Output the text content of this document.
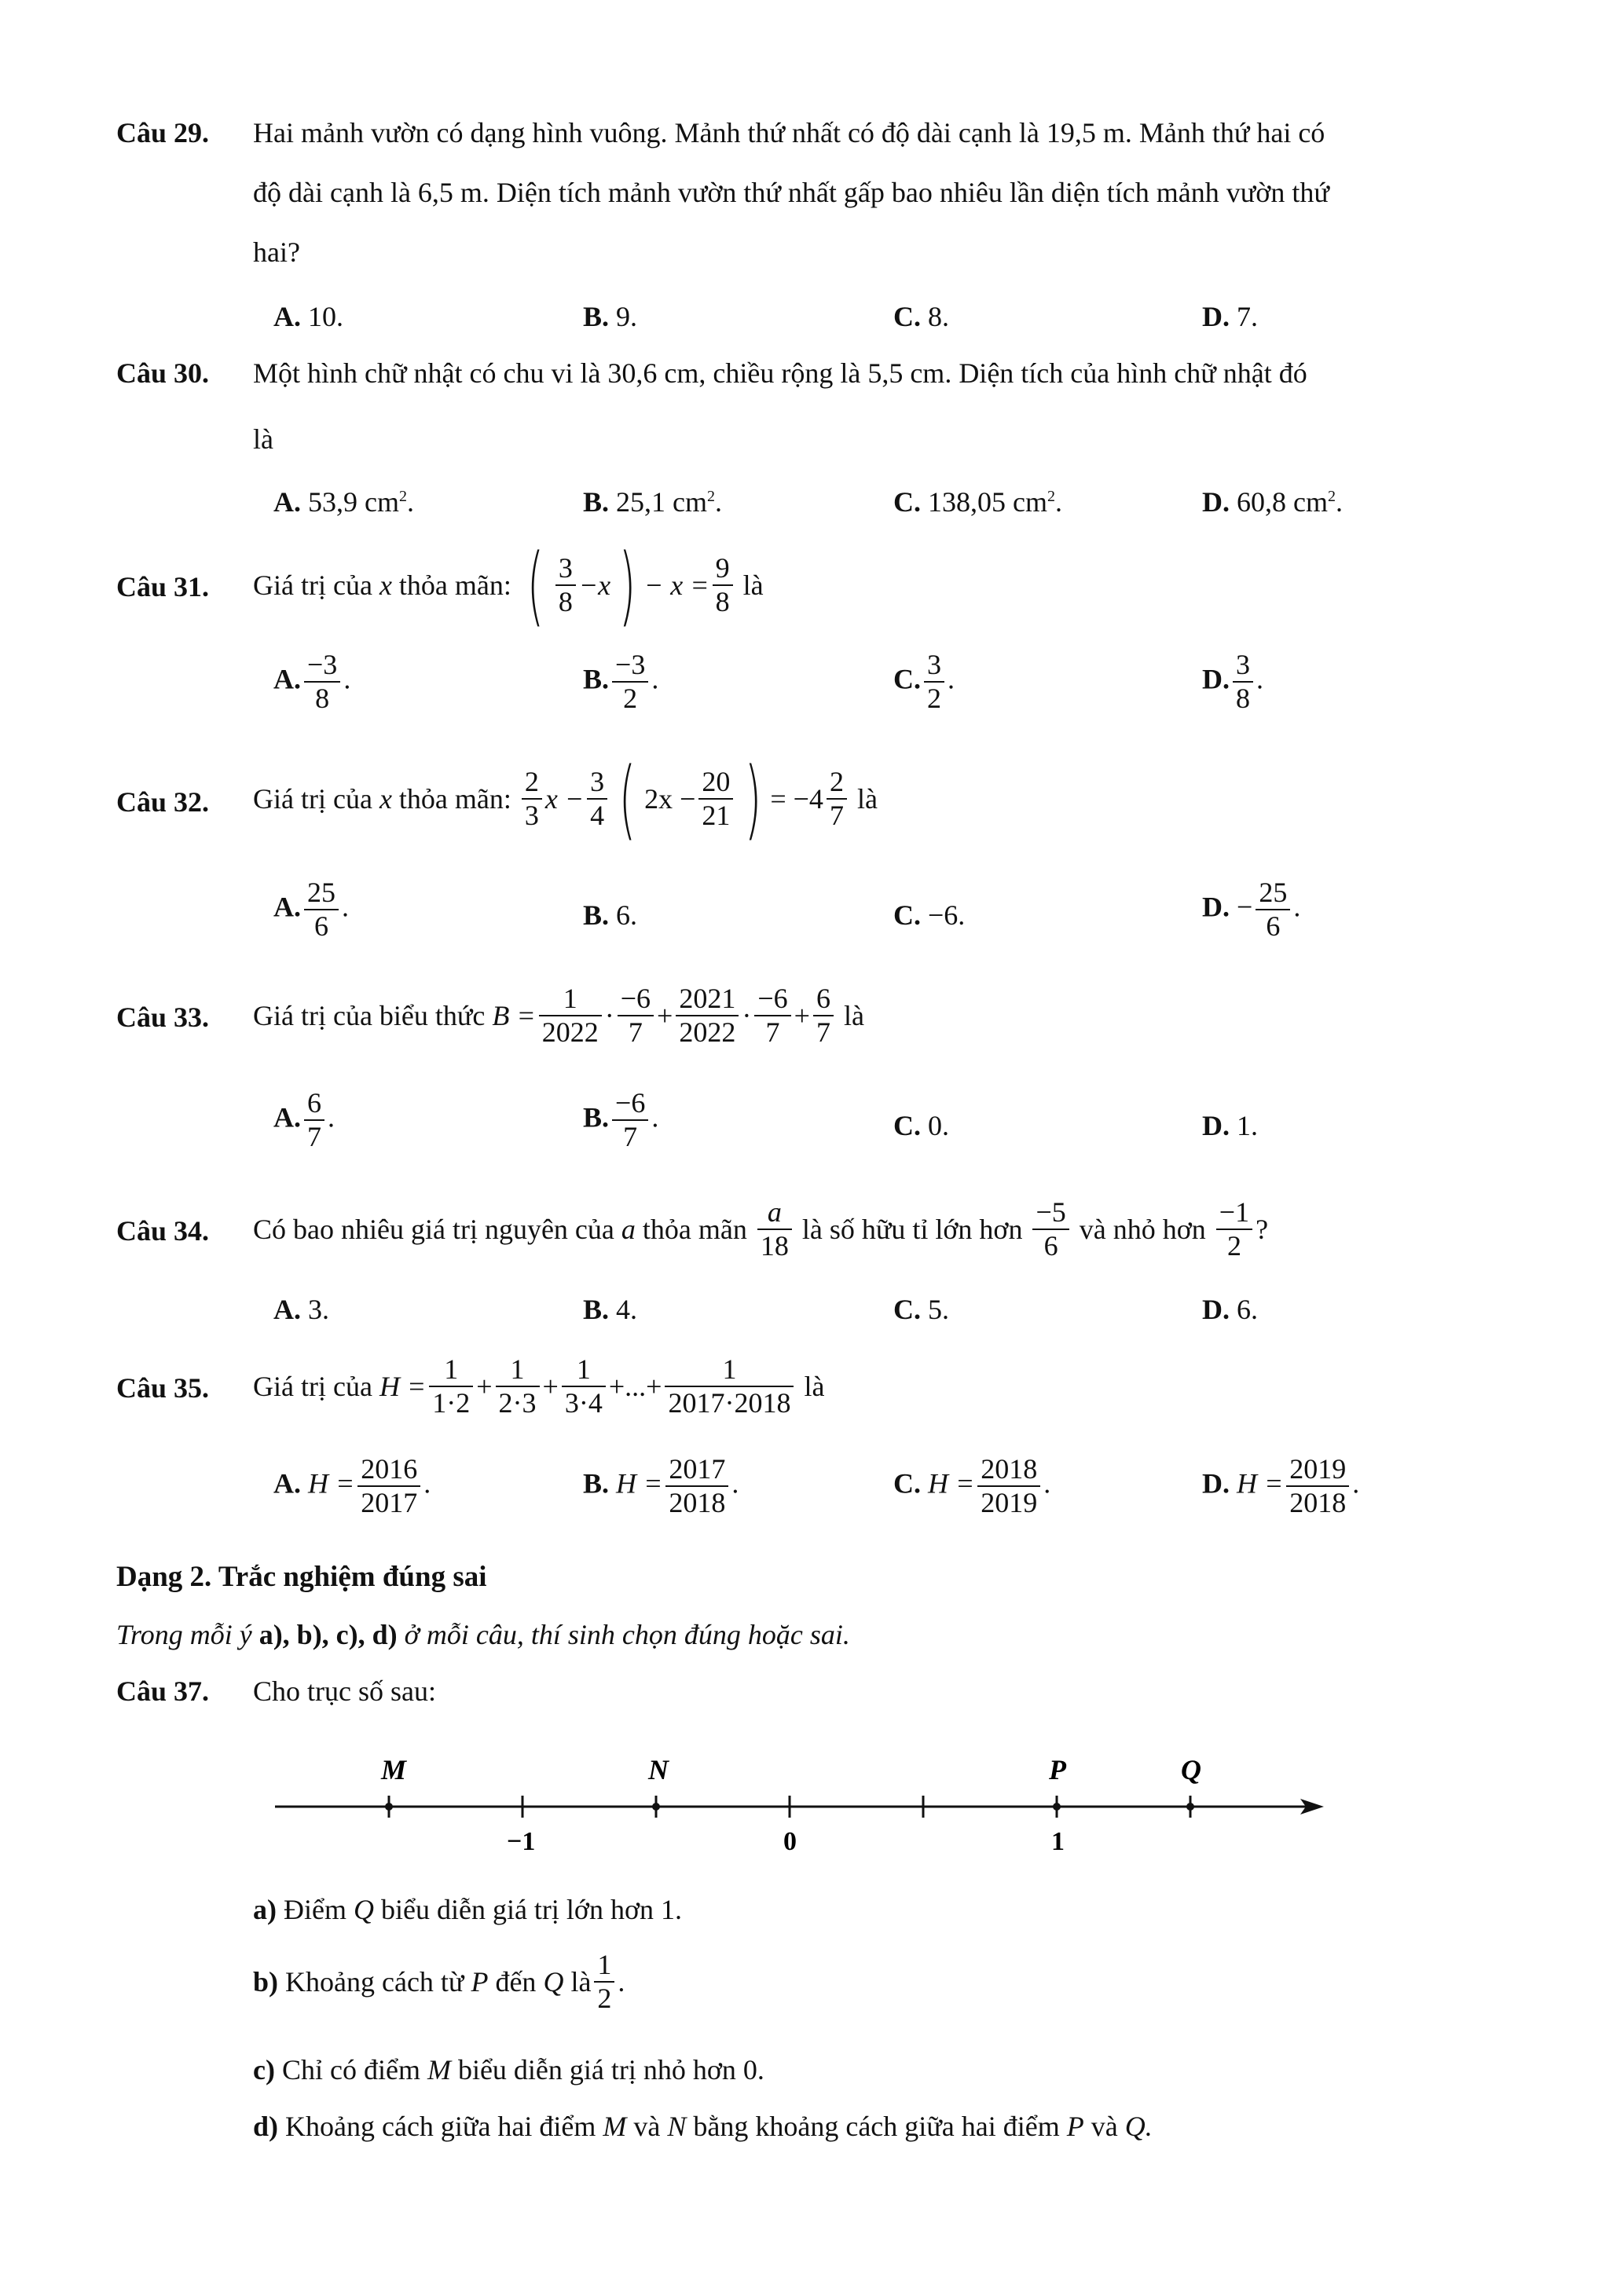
Câu 29. Hai mảnh vườn có dạng hình vuông. Mảnh thứ nhất có độ dài cạnh là 19,5 m. Mảnh thứ hai có
độ dài cạnh là 6,5 m. Diện tích mảnh vườn thứ nhất gấp bao nhiêu lần diện tích mảnh vườn thứ
hai?
A. 10.	B. 9.	C. 8.	D. 7.
Câu 30. Một hình chữ nhật có chu vi là 30,6 cm, chiều rộng là 5,5 cm. Diện tích của hình chữ nhật đó
là
A. 53,9 $cm^2$.	B. 25,1 $cm^2$.	C. 138,05 $cm^2$.	D. 60,8 $cm^2$.
Câu 31. Giá trị của
x
thỏa mãn:
( $\frac{3}{8} -x$ ) − $x = \frac{9}{8}$
là
A. $\frac{-3}{8}$ .	B. $\frac{-3}{2}$ .	C. $\frac{3}{2}$ .	D. $\frac{3}{8}$ .
Câu 32. Giá trị của
x
thỏa mãn:
$\frac{2}{3}$ $x - \frac{3}{4}$ ( $2x - \frac{20}{21}$ ) = $-4 \frac{2}{7}$
là
A. $\frac{25}{6}$ .	B. 6.	C. −6.	D. − $\frac{25}{6}$ .
Câu 33. Giá trị của biểu thức
$B = \frac{1}{2022} \cdot \frac{-6}{7} + \frac{2021}{2022} \cdot \frac{-6}{7} + \frac{6}{7}$
là
A. $\frac{6}{7}$ .	B. $\frac{-6}{7}$ .	C. 0.	D. 1.
Câu 34. Có bao nhiêu giá trị nguyên của
a
thỏa mãn
$\frac{a}{18}$
là số hữu tỉ lớn hơn
$\frac{-5}{6}$
và nhỏ hơn
$\frac{-1}{2}$ ?
A. 3.	B. 4.	C. 5.	D. 6.
Câu 35. Giá trị của
$H = \frac{1}{1\cdot 2} + \frac{1}{2\cdot 3} + \frac{1}{3\cdot 4}$ +...+ $\frac{1}{2017\cdot 2018}$
là
A. $H = \frac{2016}{2017}$ .	B. $H = \frac{2017}{2018}$ .	C. $H = \frac{2018}{2019}$ .	D. $H = \frac{2019}{2018}$ .
Dạng 2. Trắc nghiệm đúng sai
Trong mỗi ý a), b), c), d) ở mỗi câu, thí sinh chọn đúng hoặc sai.
Câu 37. Cho trục số sau:
M	N	P	Q
−1	0	1
a) Điểm Q biểu diễn giá trị lớn hơn 1.
b)
Khoảng cách từ
P
đến
Q
là $\frac{1}{2}$ .
c) Chỉ có điểm M biểu diễn giá trị nhỏ hơn 0.
d) Khoảng cách giữa hai điểm M và N bằng khoảng cách giữa hai điểm P và Q.
